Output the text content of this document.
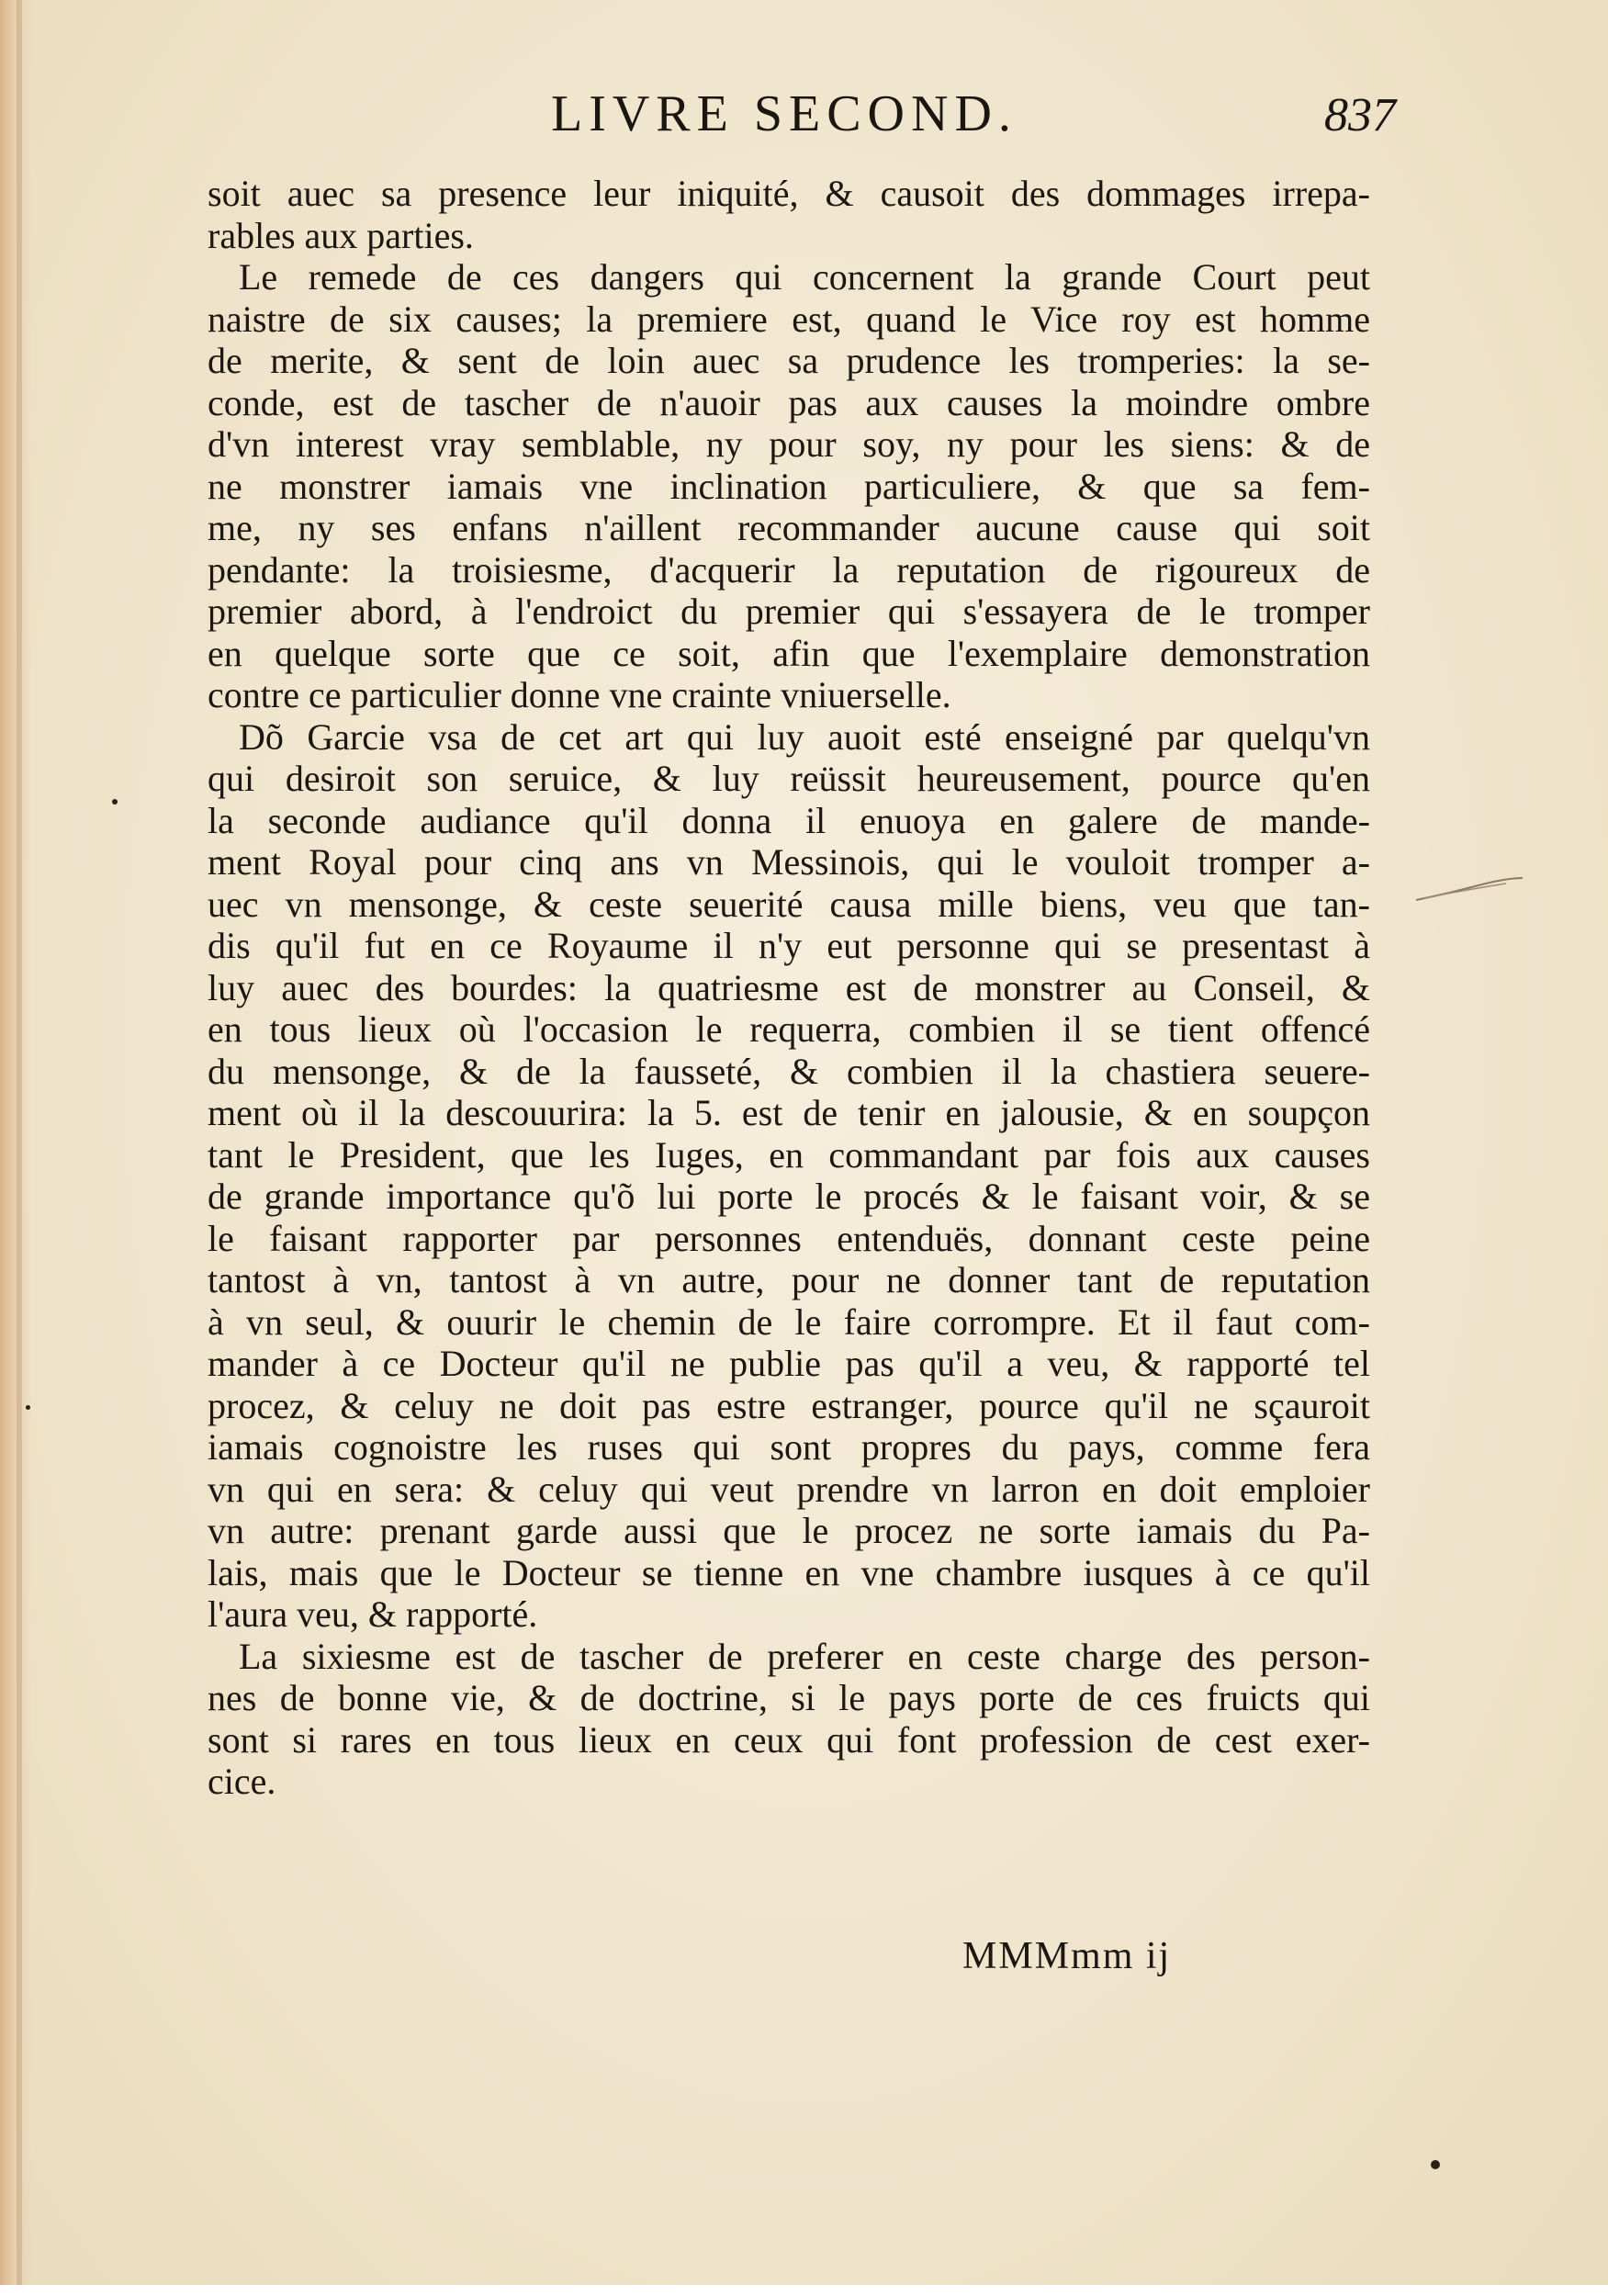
LIVRE SECOND.	837
soit auec sa presence leur iniquité, & causoit des dommages irrepa-
rables aux parties.
Le remede de ces dangers qui concernent la grande Court peut
naistre de six causes; la premiere est, quand le Vice roy est homme
de merite, & sent de loin auec sa prudence les tromperies: la se-
conde, est de tascher de n'auoir pas aux causes la moindre ombre
d'vn interest vray semblable, ny pour soy, ny pour les siens: & de
ne monstrer iamais vne inclination particuliere, & que sa fem-
me, ny ses enfans n'aillent recommander aucune cause qui soit
pendante: la troisiesme, d'acquerir la reputation de rigoureux de
premier abord, à l'endroict du premier qui s'essayera de le tromper
en quelque sorte que ce soit, afin que l'exemplaire demonstration
contre ce particulier donne vne crainte vniuerselle.
Dõ Garcie vsa de cet art qui luy auoit esté enseigné par quelqu'vn
qui desiroit son seruice, & luy reüssit heureusement, pource qu'en
la seconde audiance qu'il donna il enuoya en galere de mande-
ment Royal pour cinq ans vn Messinois, qui le vouloit tromper a-
uec vn mensonge, & ceste seuerité causa mille biens, veu que tan-
dis qu'il fut en ce Royaume il n'y eut personne qui se presentast à
luy auec des bourdes: la quatriesme est de monstrer au Conseil, &
en tous lieux où l'occasion le requerra, combien il se tient offencé
du mensonge, & de la fausseté, & combien il la chastiera seuere-
ment où il la descouurira: la 5. est de tenir en jalousie, & en soupçon
tant le President, que les Iuges, en commandant par fois aux causes
de grande importance qu'õ lui porte le procés & le faisant voir, & se
le faisant rapporter par personnes entenduës, donnant ceste peine
tantost à vn, tantost à vn autre, pour ne donner tant de reputation
à vn seul, & ouurir le chemin de le faire corrompre. Et il faut com-
mander à ce Docteur qu'il ne publie pas qu'il a veu, & rapporté tel
procez, & celuy ne doit pas estre estranger, pource qu'il ne sçauroit
iamais cognoistre les ruses qui sont propres du pays, comme fera
vn qui en sera: & celuy qui veut prendre vn larron en doit emploier
vn autre: prenant garde aussi que le procez ne sorte iamais du Pa-
lais, mais que le Docteur se tienne en vne chambre iusques à ce qu'il
l'aura veu, & rapporté.
La sixiesme est de tascher de preferer en ceste charge des person-
nes de bonne vie, & de doctrine, si le pays porte de ces fruicts qui
sont si rares en tous lieux en ceux qui font profession de cest exer-
cice.
MMMmm ij
